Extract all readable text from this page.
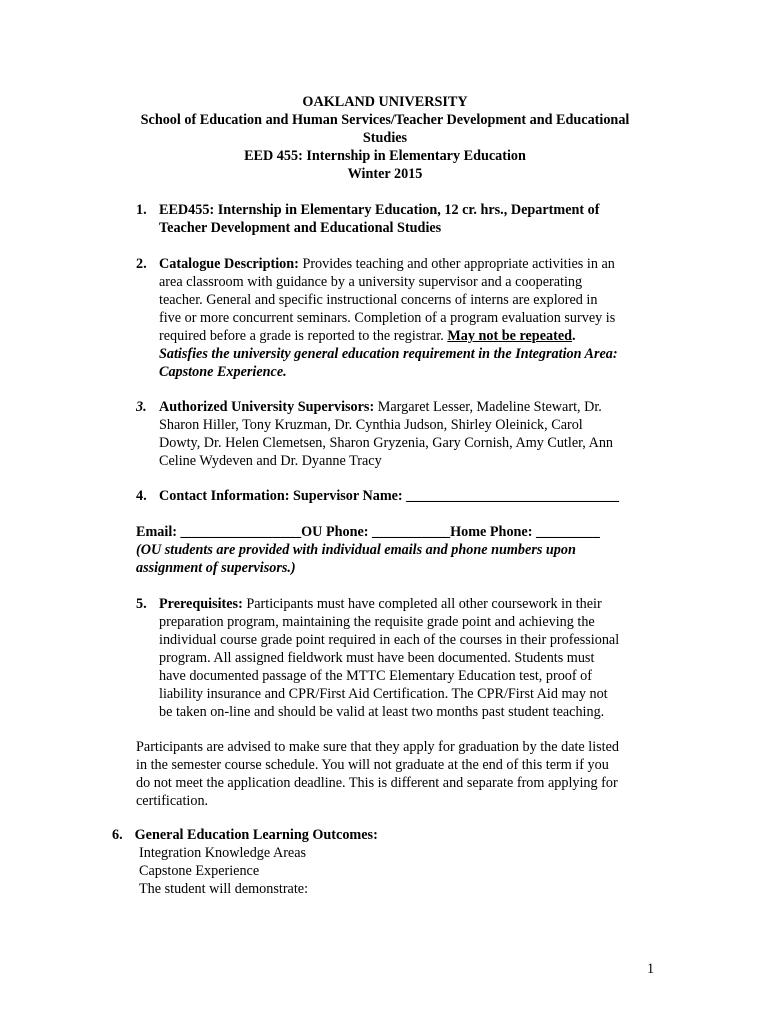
OAKLAND UNIVERSITY
School of Education and Human Services/Teacher Development and Educational
Studies
EED 455: Internship in Elementary Education
Winter 2015
1. EED455: Internship in Elementary Education, 12 cr. hrs., Department of
Teacher Development and Educational Studies
2. Catalogue Description: Provides teaching and other appropriate activities in an
area classroom with guidance by a university supervisor and a cooperating
teacher. General and specific instructional concerns of interns are explored in
five or more concurrent seminars. Completion of a program evaluation survey is
required before a grade is reported to the registrar. May not be repeated.
Satisfies the university general education requirement in the Integration Area:
Capstone Experience.
3. Authorized University Supervisors: Margaret Lesser, Madeline Stewart, Dr.
Sharon Hiller, Tony Kruzman, Dr. Cynthia Judson, Shirley Oleinick, Carol
Dowty, Dr. Helen Clemetsen, Sharon Gryzenia, Gary Cornish, Amy Cutler, Ann
Celine Wydeven and Dr. Dyanne Tracy
4. Contact Information: Supervisor Name: ______________________________
Email: _________________OU Phone: ___________Home Phone: _________
(OU students are provided with individual emails and phone numbers upon
assignment of supervisors.)
5. Prerequisites: Participants must have completed all other coursework in their
preparation program, maintaining the requisite grade point and achieving the
individual course grade point required in each of the courses in their professional
program. All assigned fieldwork must have been documented. Students must
have documented passage of the MTTC Elementary Education test, proof of
liability insurance and CPR/First Aid Certification. The CPR/First Aid may not
be taken on-line and should be valid at least two months past student teaching.
Participants are advised to make sure that they apply for graduation by the date listed
in the semester course schedule. You will not graduate at the end of this term if you
do not meet the application deadline. This is different and separate from applying for
certification.
6. General Education Learning Outcomes:
Integration Knowledge Areas
Capstone Experience
The student will demonstrate:
1
